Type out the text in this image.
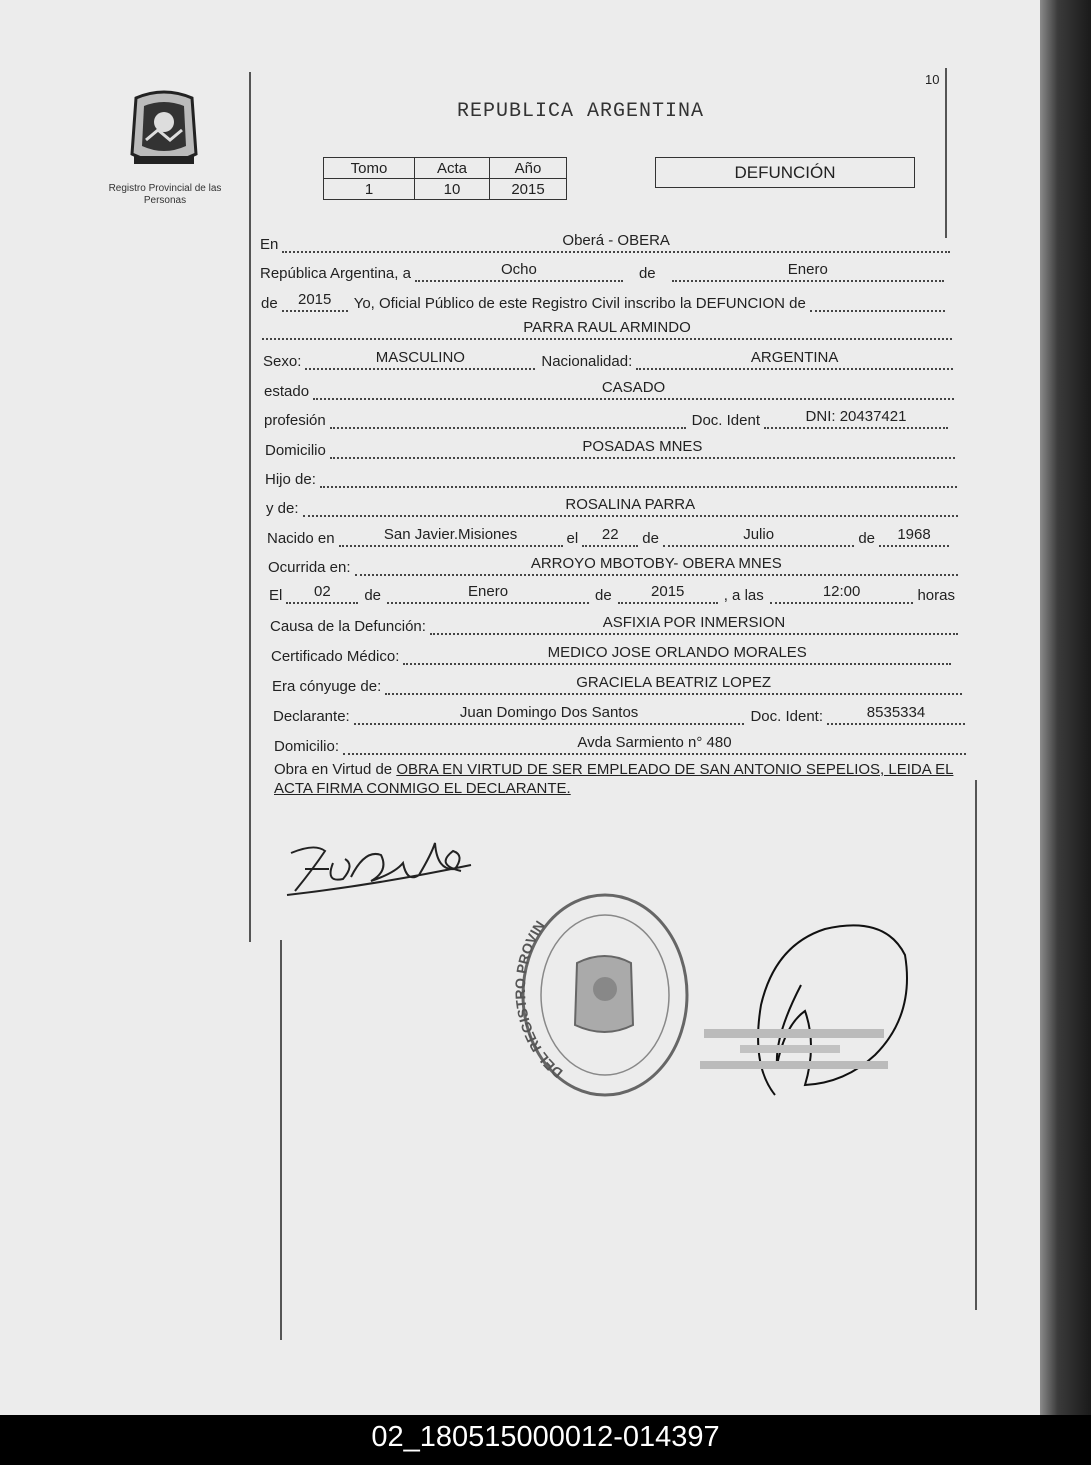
Registro Provincial de las Personas
10
REPUBLICA ARGENTINA
Tomo	Acta	Año
1	10	2015
DEFUNCIÓN
En	Oberá - OBERA
República Argentina, a	Ocho	de	Enero
de	2015	Yo, Oficial Público de este Registro Civil inscribo la DEFUNCION de
PARRA RAUL ARMINDO
Sexo:	MASCULINO	Nacionalidad:	ARGENTINA
estado	CASADO
profesión	Doc. Ident	DNI: 20437421
Domicilio	POSADAS MNES
Hijo de:
y de:	ROSALINA PARRA
Nacido en	San Javier.Misiones	el	22	de	Julio	de	1968
Ocurrida en:	ARROYO MBOTOBY- OBERA MNES
El	02	de	Enero	de	2015	, a las	12:00	horas
Causa de la Defunción:	ASFIXIA POR INMERSION
Certificado Médico:	MEDICO JOSE ORLANDO MORALES
Era cónyuge de:	GRACIELA BEATRIZ LOPEZ
Declarante:	Juan Domingo Dos Santos	Doc. Ident:	8535334
Domicilio:	Avda Sarmiento n° 480
Obra en Virtud de OBRA EN VIRTUD DE SER EMPLEADO DE SAN ANTONIO SEPELIOS, LEIDA EL ACTA FIRMA CONMIGO EL DECLARANTE.
DEL REGIS ROVIN
02_180515000012-014397
